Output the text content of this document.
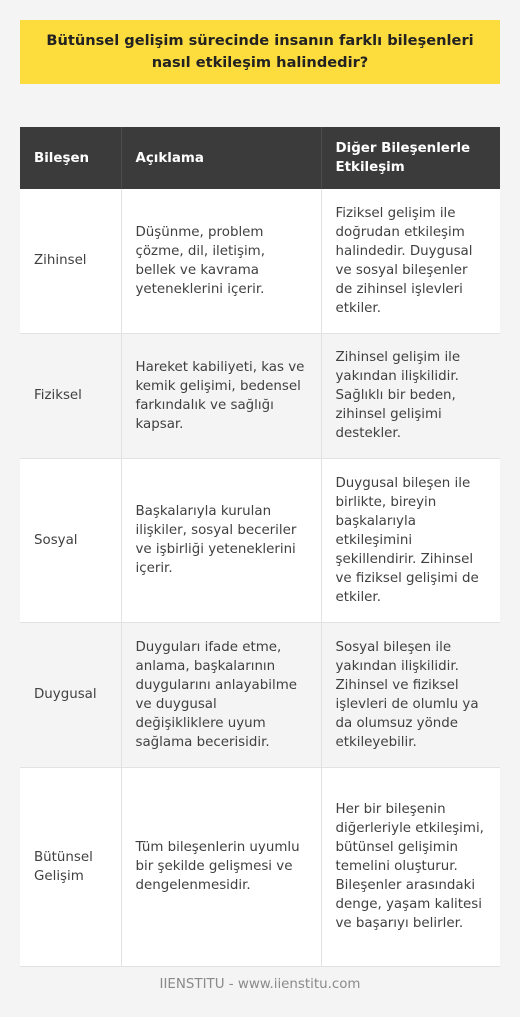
Bütünsel gelişim sürecinde insanın farklı bileşenleri nasıl etkileşim halindedir?
Bileşen	Açıklama	Diğer Bileşenlerle Etkileşim
Zihinsel	Düşünme, problem çözme, dil, iletişim, bellek ve kavrama yeteneklerini içerir.	Fiziksel gelişim ile doğrudan etkileşim halindedir. Duygusal ve sosyal bileşenler de zihinsel işlevleri etkiler.
Fiziksel	Hareket kabiliyeti, kas ve kemik gelişimi, bedensel farkındalık ve sağlığı kapsar.	Zihinsel gelişim ile yakından ilişkilidir. Sağlıklı bir beden, zihinsel gelişimi destekler.
Sosyal	Başkalarıyla kurulan ilişkiler, sosyal beceriler ve işbirliği yeteneklerini içerir.	Duygusal bileşen ile birlikte, bireyin başkalarıyla etkileşimini şekillendirir. Zihinsel ve fiziksel gelişimi de etkiler.
Duygusal	Duyguları ifade etme, anlama, başkalarının duygularını anlayabilme ve duygusal değişikliklere uyum sağlama becerisidir.	Sosyal bileşen ile yakından ilişkilidir. Zihinsel ve fiziksel işlevleri de olumlu ya da olumsuz yönde etkileyebilir.
Bütünsel Gelişim	Tüm bileşenlerin uyumlu bir şekilde gelişmesi ve dengelenmesidir.	Her bir bileşenin diğerleriyle etkileşimi, bütünsel gelişimin temelini oluşturur. Bileşenler arasındaki denge, yaşam kalitesi ve başarıyı belirler.
IIENSTITU - www.iienstitu.com
